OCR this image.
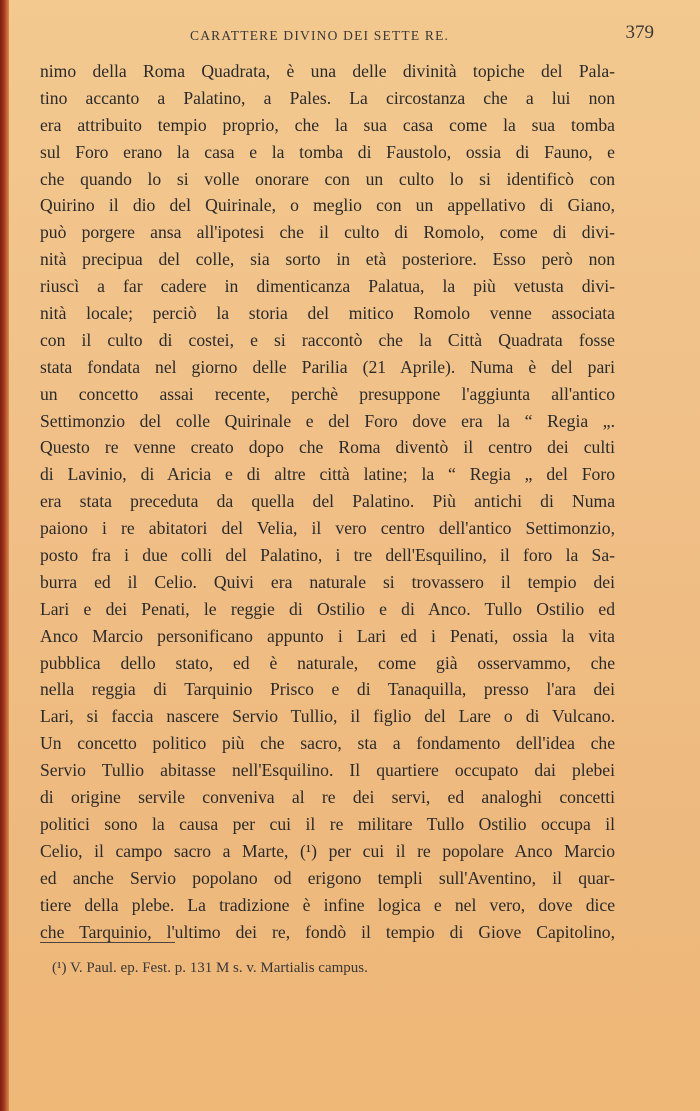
CARATTERE DIVINO DEI SETTE RE.	379
nimo della Roma Quadrata, è una delle divinità topiche del Pala-
tino accanto a Palatino, a Pales. La circostanza che a lui non
era attribuito tempio proprio, che la sua casa come la sua tomba
sul Foro erano la casa e la tomba di Faustolo, ossia di Fauno, e
che quando lo si volle onorare con un culto lo si identificò con
Quirino il dio del Quirinale, o meglio con un appellativo di Giano,
può porgere ansa all'ipotesi che il culto di Romolo, come di divi-
nità precipua del colle, sia sorto in età posteriore. Esso però non
riuscì a far cadere in dimenticanza Palatua, la più vetusta divi-
nità locale; perciò la storia del mitico Romolo venne associata
con il culto di costei, e si raccontò che la Città Quadrata fosse
stata fondata nel giorno delle Parilia (21 Aprile). Numa è del pari
un concetto assai recente, perchè presuppone l'aggiunta all'antico
Settimonzio del colle Quirinale e del Foro dove era la “ Regia „.
Questo re venne creato dopo che Roma diventò il centro dei culti
di Lavinio, di Aricia e di altre città latine; la “ Regia „ del Foro
era stata preceduta da quella del Palatino. Più antichi di Numa
paiono i re abitatori del Velia, il vero centro dell'antico Settimonzio,
posto fra i due colli del Palatino, i tre dell'Esquilino, il foro la Sa-
burra ed il Celio. Quivi era naturale si trovassero il tempio dei
Lari e dei Penati, le reggie di Ostilio e di Anco. Tullo Ostilio ed
Anco Marcio personificano appunto i Lari ed i Penati, ossia la vita
pubblica dello stato, ed è naturale, come già osservammo, che
nella reggia di Tarquinio Prisco e di Tanaquilla, presso l'ara dei
Lari, si faccia nascere Servio Tullio, il figlio del Lare o di Vulcano.
Un concetto politico più che sacro, sta a fondamento dell'idea che
Servio Tullio abitasse nell'Esquilino. Il quartiere occupato dai plebei
di origine servile conveniva al re dei servi, ed analoghi concetti
politici sono la causa per cui il re militare Tullo Ostilio occupa il
Celio, il campo sacro a Marte, (¹) per cui il re popolare Anco Marcio
ed anche Servio popolano od erigono templi sull'Aventino, il quar-
tiere della plebe. La tradizione è infine logica e nel vero, dove dice
che Tarquinio, l'ultimo dei re, fondò il tempio di Giove Capitolino,
(¹) V. Paul. ep. Fest. p. 131 M s. v. Martialis campus.
